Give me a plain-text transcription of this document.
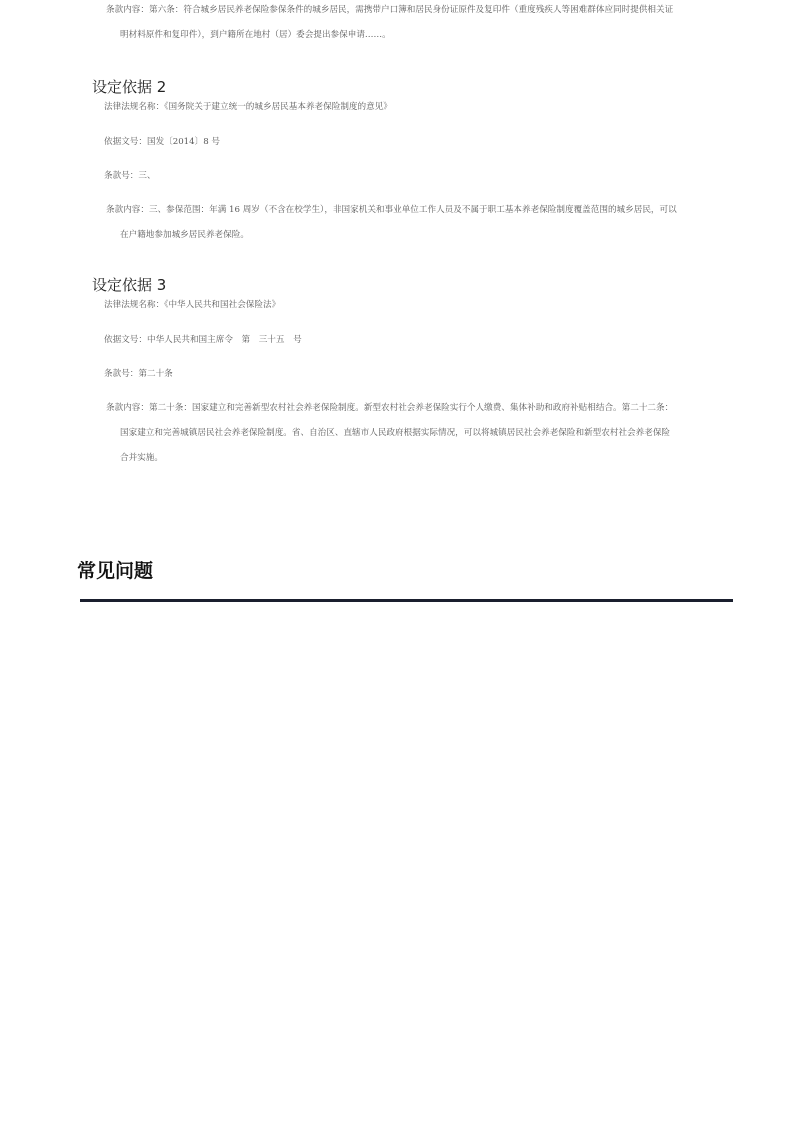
条款内容：第六条：符合城乡居民养老保险参保条件的城乡居民，需携带户口簿和居民身份证原件及复印件（重度残疾人等困难群体应同时提供相关证
明材料原件和复印件），到户籍所在地村（居）委会提出参保申请……。
设定依据 2
法律法规名称：《国务院关于建立统一的城乡居民基本养老保险制度的意见》
依据文号：国发〔2014〕8 号
条款号：三、
条款内容：三、参保范围：年满 16 周岁（不含在校学生），非国家机关和事业单位工作人员及不属于职工基本养老保险制度覆盖范围的城乡居民，可以
在户籍地参加城乡居民养老保险。
设定依据 3
法律法规名称：《中华人民共和国社会保险法》
依据文号：中华人民共和国主席令　第　三十五　号
条款号：第二十条
条款内容：第二十条：国家建立和完善新型农村社会养老保险制度。新型农村社会养老保险实行个人缴费、集体补助和政府补贴相结合。第二十二条：
国家建立和完善城镇居民社会养老保险制度。省、自治区、直辖市人民政府根据实际情况，可以将城镇居民社会养老保险和新型农村社会养老保险
合并实施。
常见问题
